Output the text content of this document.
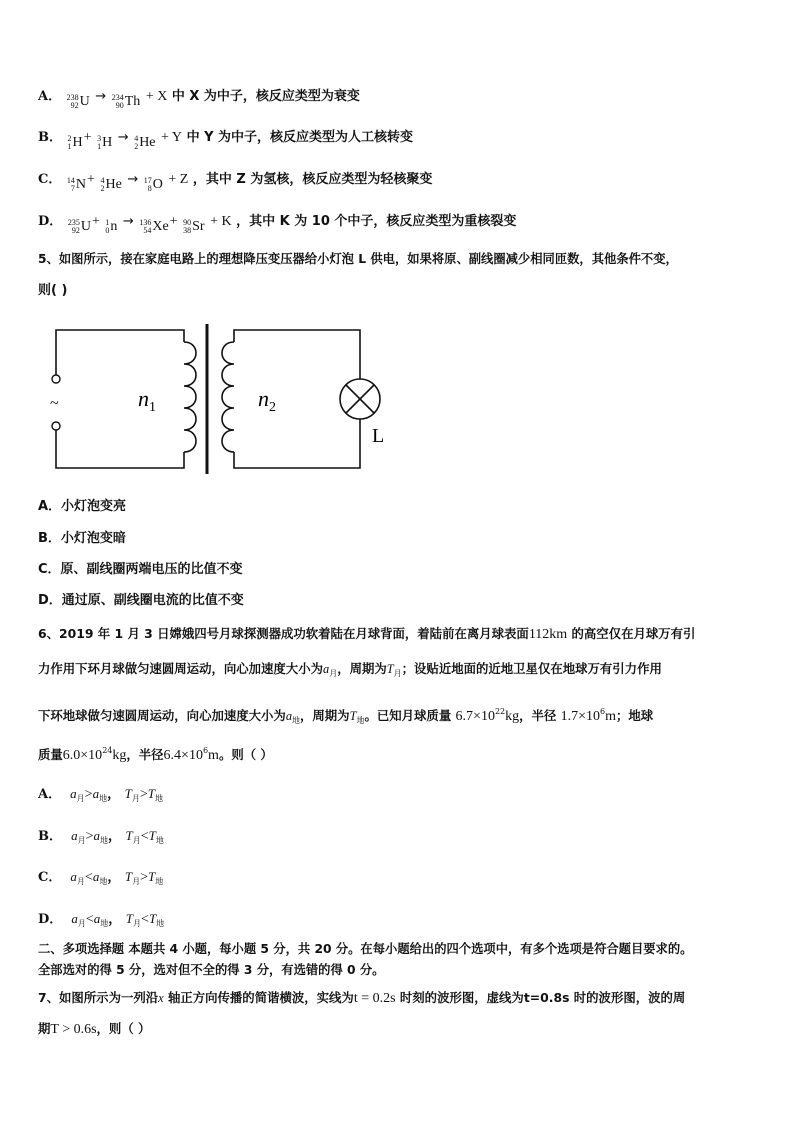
A． 238
92 U → 234
90 Th + X 中 X 为中子，核反应类型为衰变
B． 2
1 H + 3
1 H → 4
2 He + Y 中 Y 为中子，核反应类型为人工核转变
C． 14
7 N + 4
2 He → 17
8 O + Z ，其中 Z 为氢核，核反应类型为轻核聚变
D． 235
92 U + 1
0 n → 136
54 Xe + 90
38 Sr + K ，其中 K 为 10 个中子，核反应类型为重核裂变
5、如图所示，接在家庭电路上的理想降压变压器给小灯泡 L 供电，如果将原、副线圈减少相同匝数，其他条件不变，
则( )
~	$n_1$	$n_2$
L
A．小灯泡变亮
B．小灯泡变暗
C．原、副线圈两端电压的比值不变
D．通过原、副线圈电流的比值不变
6、2019 年 1 月 3 日嫦娥四号月球探测器成功软着陆在月球背面，着陆前在离月球表面112km 的高空仅在月球万有引
力作用下环月球做匀速圆周运动，向心加速度大小为$a_月$，周期为$T_月$；设贴近地面的近地卫星仅在地球万有引力作用
下环地球做匀速圆周运动，向心加速度大小为$a_地$，周期为$T_地$。已知月球质量 $6.7\times 10^{22}kg$，半径 $1.7\times 10^6m$；地球
质量$6.0\times 10^{24}kg$，半径$6.4\times 10^6m$。则（ ）
A． $a_月>a_地$， $T_月>T_地$
B． $a_月>a_地$， $T_月<T_地$
C． $a_月<a_地$， $T_月>T_地$
D． $a_月<a_地$， $T_月<T_地$
二、多项选择题 本题共 4 小题，每小题 5 分，共 20 分。在每小题给出的四个选项中，有多个选项是符合题目要求的。
全部选对的得 5 分，选对但不全的得 3 分，有选错的得 0 分。
7、如图所示为一列沿x 轴正方向传播的简谐横波，实线为t = 0.2s 时刻的波形图，虚线为t=0.8s 时的波形图，波的周
期T > 0.6s，则（ ）
